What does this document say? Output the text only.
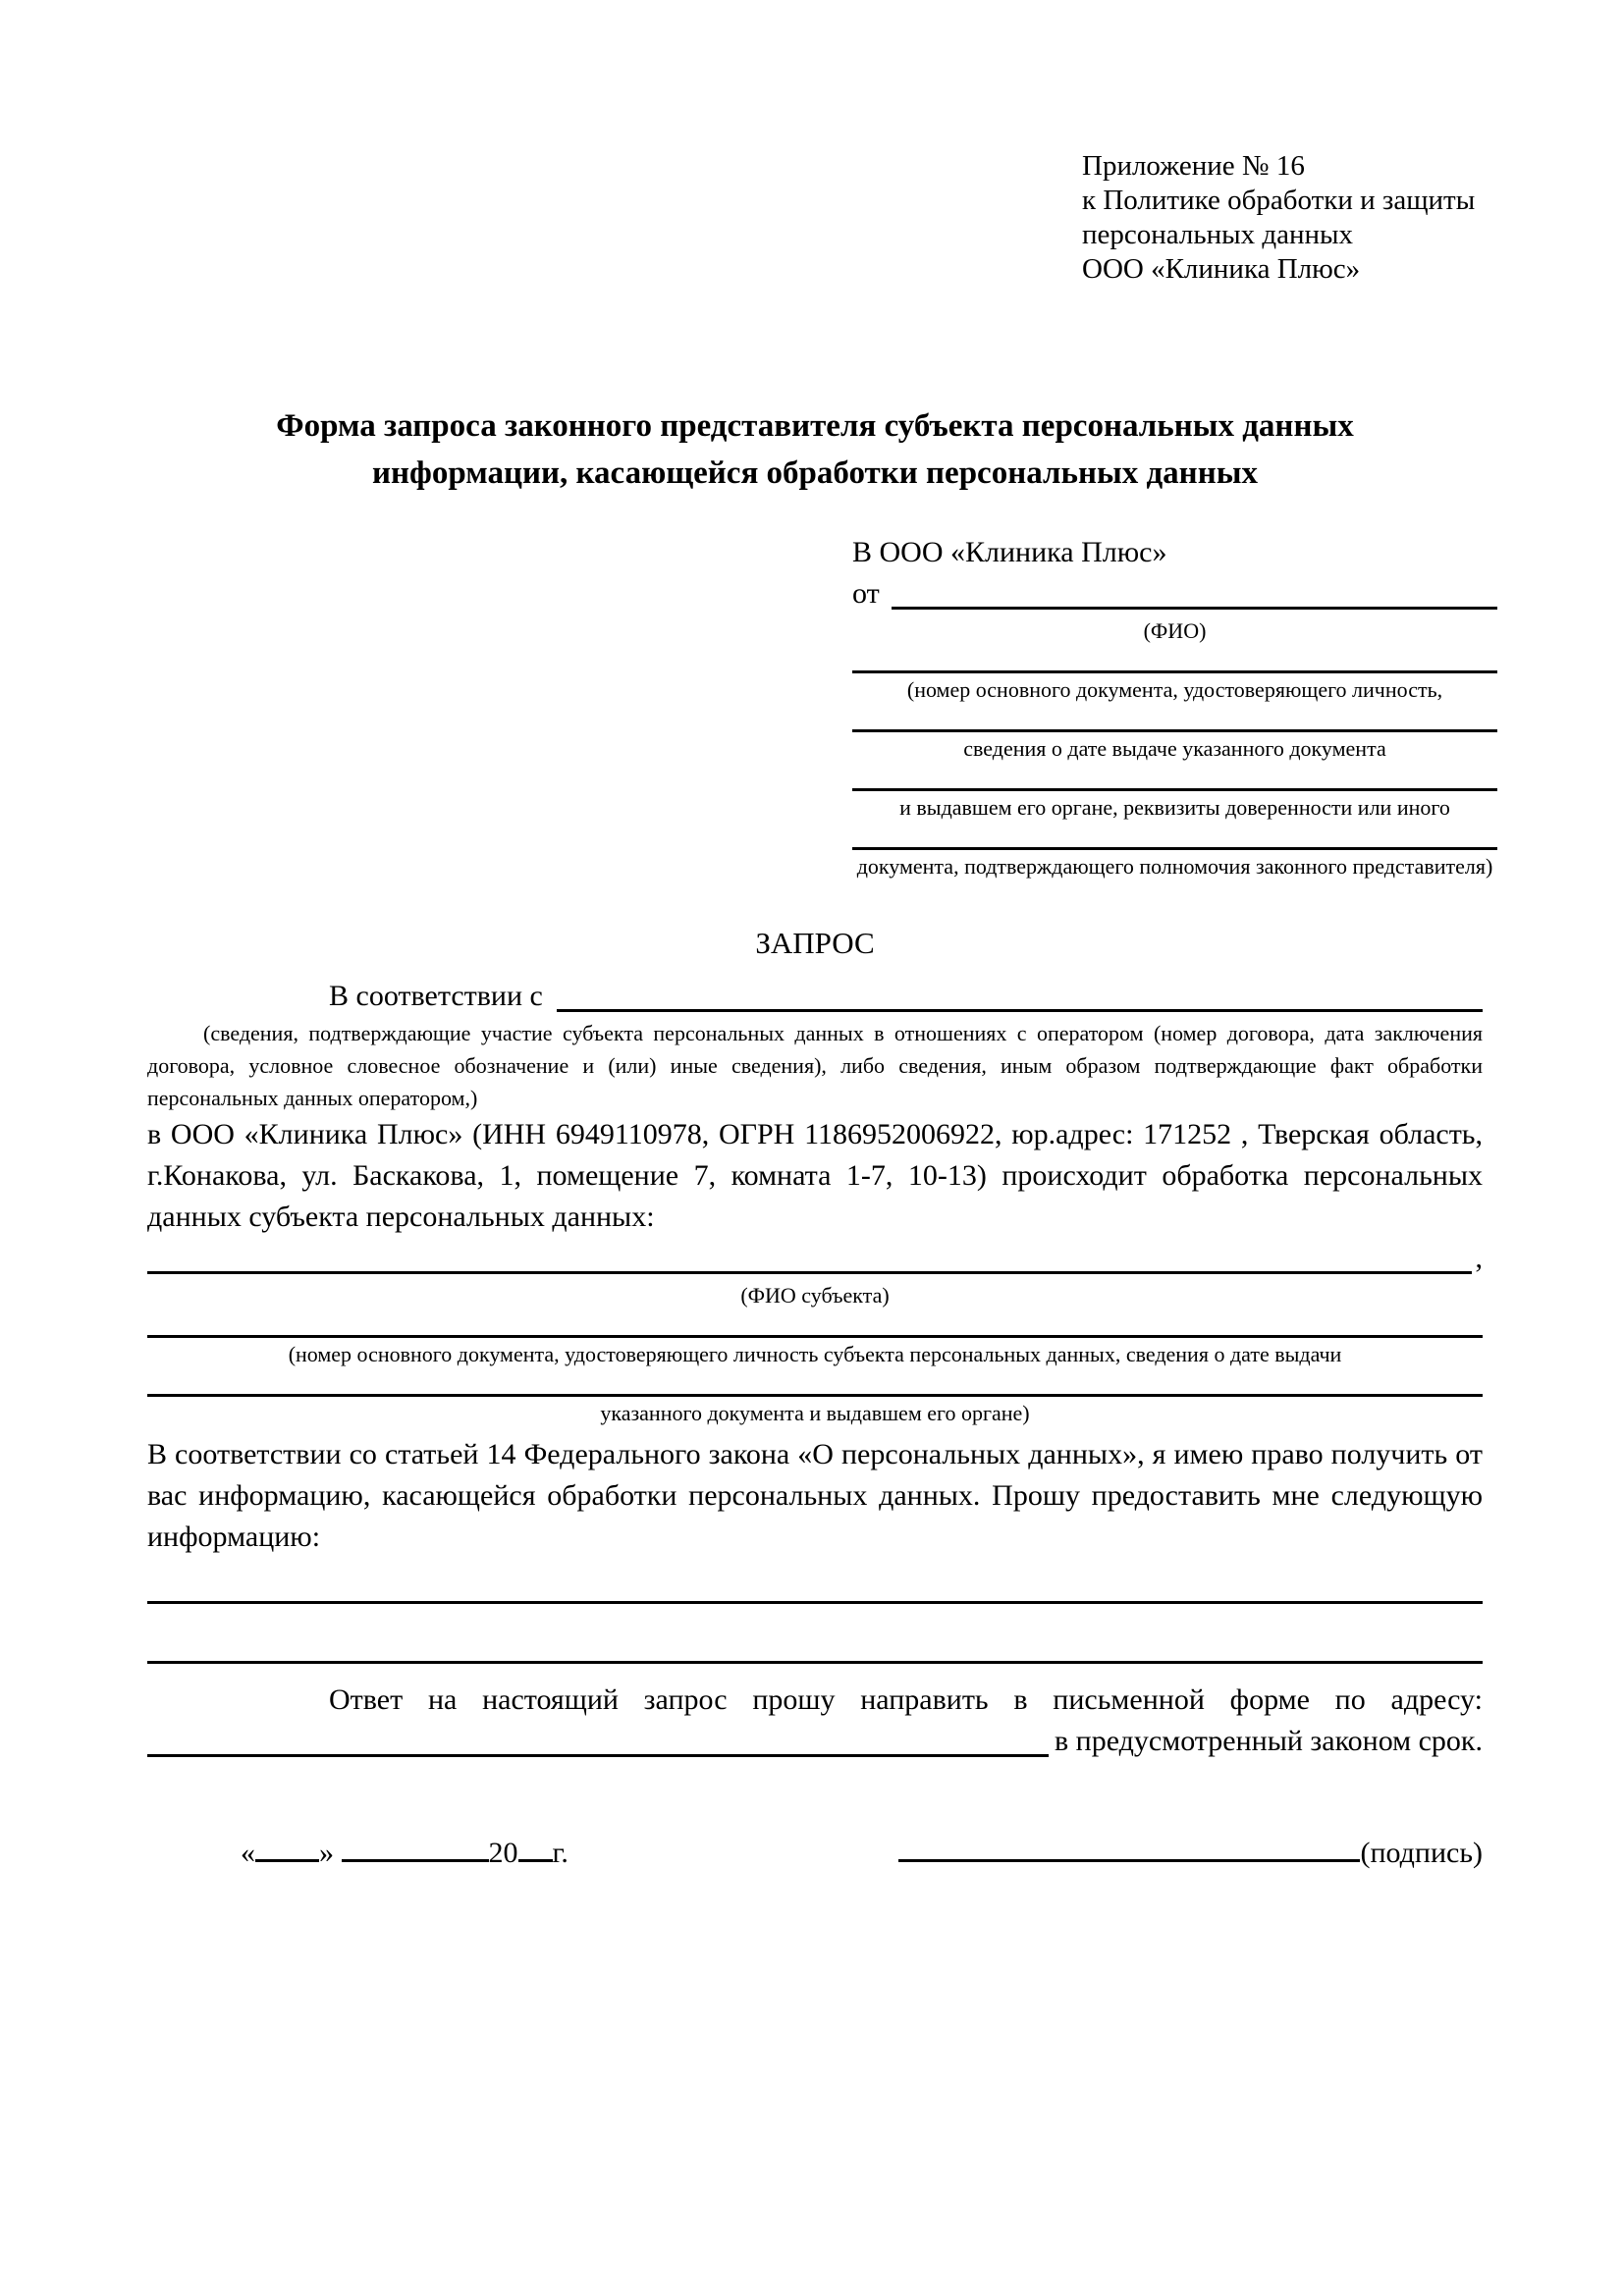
Приложение № 16
к Политике обработки и защиты
персональных данных
ООО «Клиника Плюс»
Форма запроса законного представителя субъекта персональных данных
информации, касающейся обработки персональных данных
В ООО «Клиника Плюс»
от
(ФИО)
(номер основного документа, удостоверяющего личность,
сведения о дате выдаче указанного документа
и выдавшем его органе, реквизиты доверенности или иного
документа, подтверждающего полномочия законного представителя)
ЗАПРОС
В соответствии с
(сведения, подтверждающие участие субъекта персональных данных в отношениях с оператором (номер договора, дата заключения договора, условное словесное обозначение и (или) иные сведения), либо сведения, иным образом подтверждающие факт обработки персональных данных оператором,)
в ООО «Клиника Плюс» (ИНН 6949110978, ОГРН 1186952006922, юр.адрес: 171252 , Тверская область, г.Конакова, ул. Баскакова, 1, помещение 7, комната 1-7, 10-13) происходит обработка персональных данных субъекта персональных данных:
,
(ФИО субъекта)
(номер основного документа, удостоверяющего личность субъекта персональных данных, сведения о дате выдачи
указанного документа и выдавшем его органе)
В соответствии со статьей 14 Федерального закона «О персональных данных», я имею право получить от вас информацию, касающейся обработки персональных данных. Прошу предоставить мне следующую информацию:
Ответ на настоящий запрос прошу направить в письменной форме по адресу:
в предусмотренный законом срок.
« »	20 г.	(подпись)
